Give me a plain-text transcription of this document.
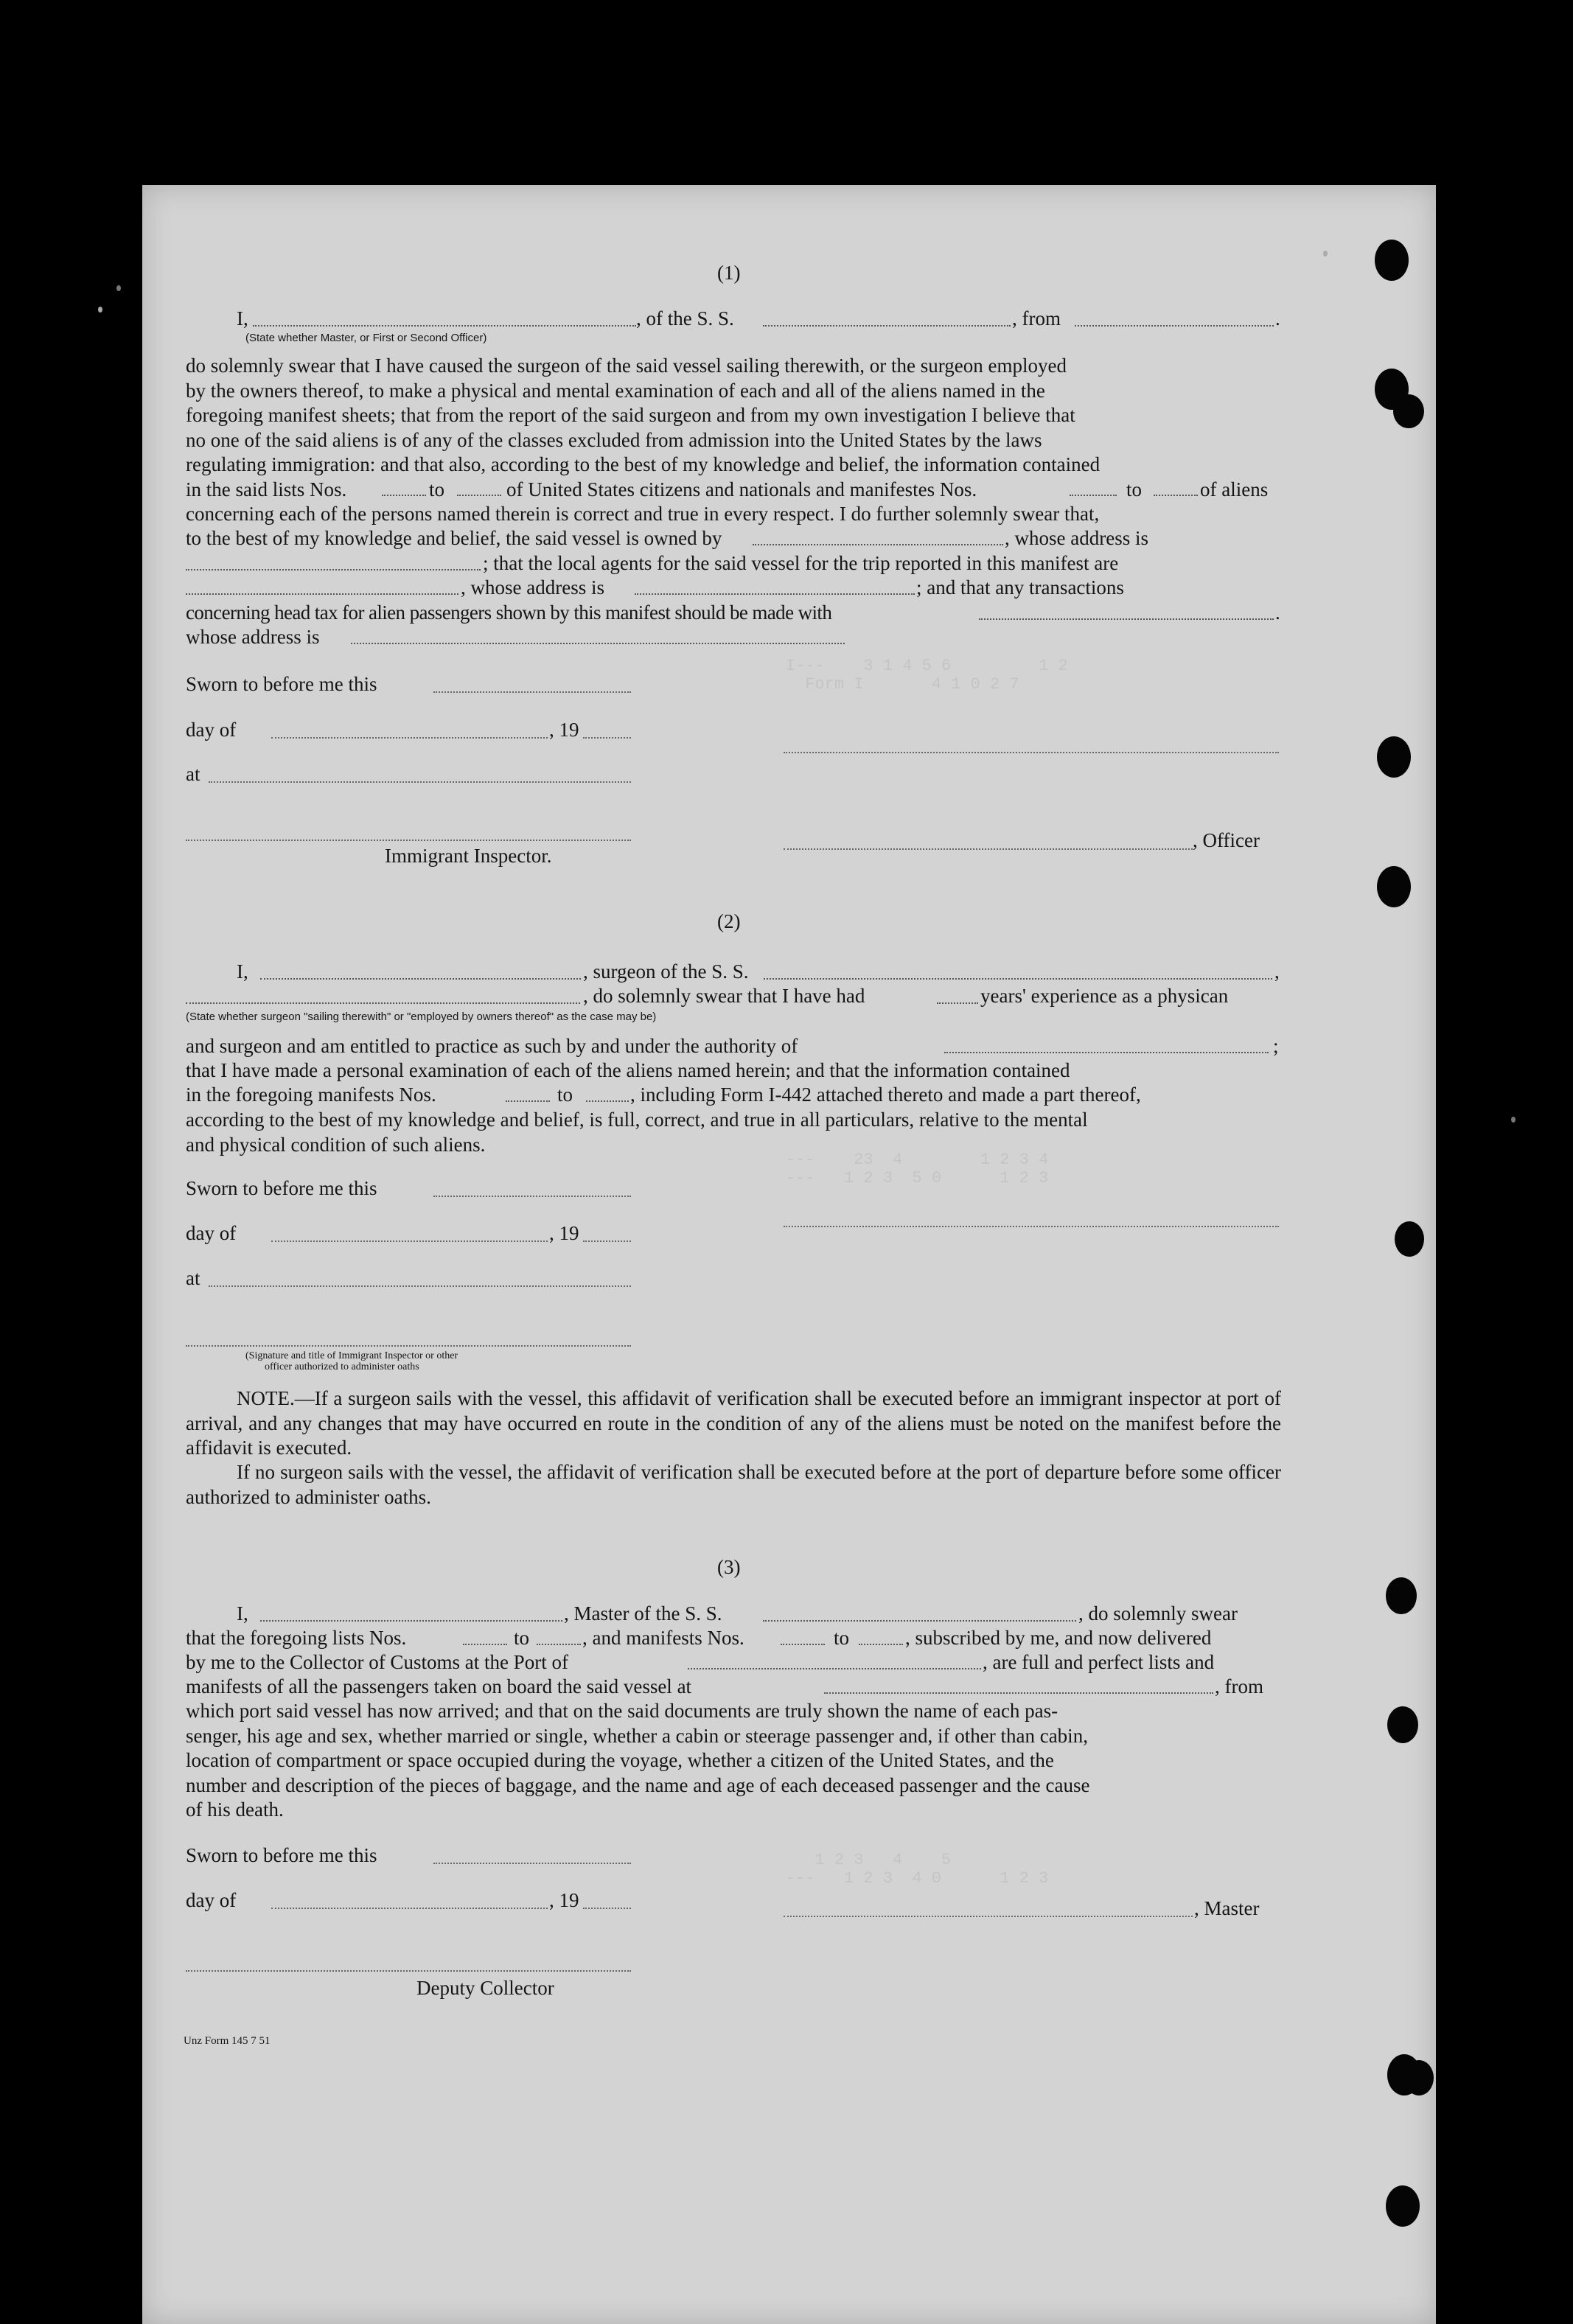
I---    3 1 4 5 6         1 2
Form I       4 1 0 2 7
---    23  4        1 2 3 4
---   1 2 3  5 0      1 2 3
1 2 3   4    5
---   1 2 3  4 0      1 2 3
(1)
I,	, of the S. S.	, from	.
(State whether Master, or First or Second Officer)
do solemnly swear that I have caused the surgeon of the said vessel sailing therewith, or the surgeon employed
by the owners thereof, to make a physical and mental examination of each and all of the aliens named in the
foregoing manifest sheets; that from the report of the said surgeon and from my own investigation I believe that
no one of the said aliens is of any of the classes excluded from admission into the United States by the laws
regulating immigration: and that also, according to the best of my knowledge and belief, the information contained
in the said lists Nos.	to	of United States citizens and nationals and manifestes Nos.	to	of aliens
concerning each of the persons named therein is correct and true in every respect. I do further solemnly swear that,
to the best of my knowledge and belief, the said vessel is owned by	, whose address is
; that the local agents for the said vessel for the trip reported in this manifest are
, whose address is	; and that any transactions
concerning head tax for alien passengers shown by this manifest should be made with	.
whose address is
Sworn to before me this
day of	, 19
at
, Officer
Immigrant Inspector.
(2)
I,	, surgeon of the S. S.	,
, do solemnly swear that I have had	years' experience as a physican
(State whether surgeon "sailing therewith" or "employed by owners thereof" as the case may be)
and surgeon and am entitled to practice as such by and under the authority of	;
that I have made a personal examination of each of the aliens named herein; and that the information contained
in the foregoing manifests Nos.	to	, including Form I-442 attached thereto and made a part thereof,
according to the best of my knowledge and belief, is full, correct, and true in all particulars, relative to the mental
and physical condition of such aliens.
Sworn to before me this
day of	, 19
at
(Signature and title of Immigrant Inspector or other
officer authorized to administer oaths
NOTE.—If a surgeon sails with the vessel, this affidavit of verification shall be executed before an immigrant inspector at port of arrival, and any changes that may have occurred en route in the condition of any of the aliens must be noted on the manifest before the affidavit is executed.
If no surgeon sails with the vessel, the affidavit of verification shall be executed before at the port of departure before some officer authorized to administer oaths.
(3)
I,	, Master of the S. S.	, do solemnly swear
that the foregoing lists Nos.	to	, and manifests Nos.	to	, subscribed by me, and now delivered
by me to the Collector of Customs at the Port of	, are full and perfect lists and
manifests of all the passengers taken on board the said vessel at	, from
which port said vessel has now arrived; and that on the said documents are truly shown the name of each pas-
senger, his age and sex, whether married or single, whether a cabin or steerage passenger and, if other than cabin,
location of compartment or space occupied during the voyage, whether a citizen of the United States, and the
number and description of the pieces of baggage, and the name and age of each deceased passenger and the cause
of his death.
Sworn to before me this
day of	, 19	, Master
Deputy Collector
Unz Form 145 7 51
